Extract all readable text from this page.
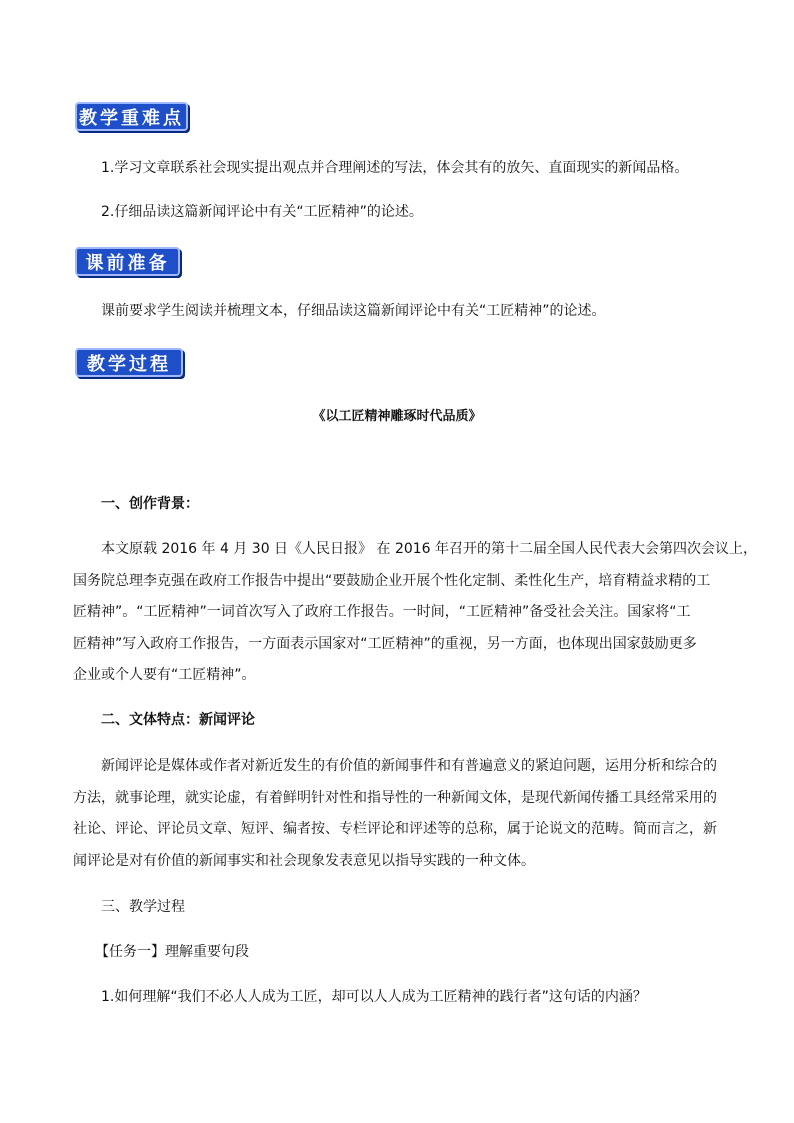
教学重难点

1.学习文章联系社会现实提出观点并合理阐述的写法，体会其有的放矢、直面现实的新闻品格。

2.仔细品读这篇新闻评论中有关“工匠精神”的论述。

课前准备

课前要求学生阅读并梳理文本，仔细品读这篇新闻评论中有关“工匠精神”的论述。

教学过程

《以工匠精神雕琢时代品质》

一、创作背景：

本文原载 2016 年 4 月 30 日《人民日报》 在 2016 年召开的第十二届全国人民代表大会第四次会议上，
国务院总理李克强在政府工作报告中提出“要鼓励企业开展个性化定制、柔性化生产，培育精益求精的工
匠精神”。“工匠精神”一词首次写入了政府工作报告。一时间，“工匠精神”备受社会关注。国家将“工
匠精神”写入政府工作报告，一方面表示国家对“工匠精神”的重视，另一方面，也体现出国家鼓励更多
企业或个人要有“工匠精神”。

二、文体特点：新闻评论

新闻评论是媒体或作者对新近发生的有价值的新闻事件和有普遍意义的紧迫问题，运用分析和综合的
方法，就事论理，就实论虚，有着鲜明针对性和指导性的一种新闻文体，是现代新闻传播工具经常采用的
社论、评论、评论员文章、短评、编者按、专栏评论和评述等的总称，属于论说文的范畴。简而言之，新
闻评论是对有价值的新闻事实和社会现象发表意见以指导实践的一种文体。

三、教学过程

【任务一】理解重要句段

1.如何理解“我们不必人人成为工匠，却可以人人成为工匠精神的践行者”这句话的内涵？
